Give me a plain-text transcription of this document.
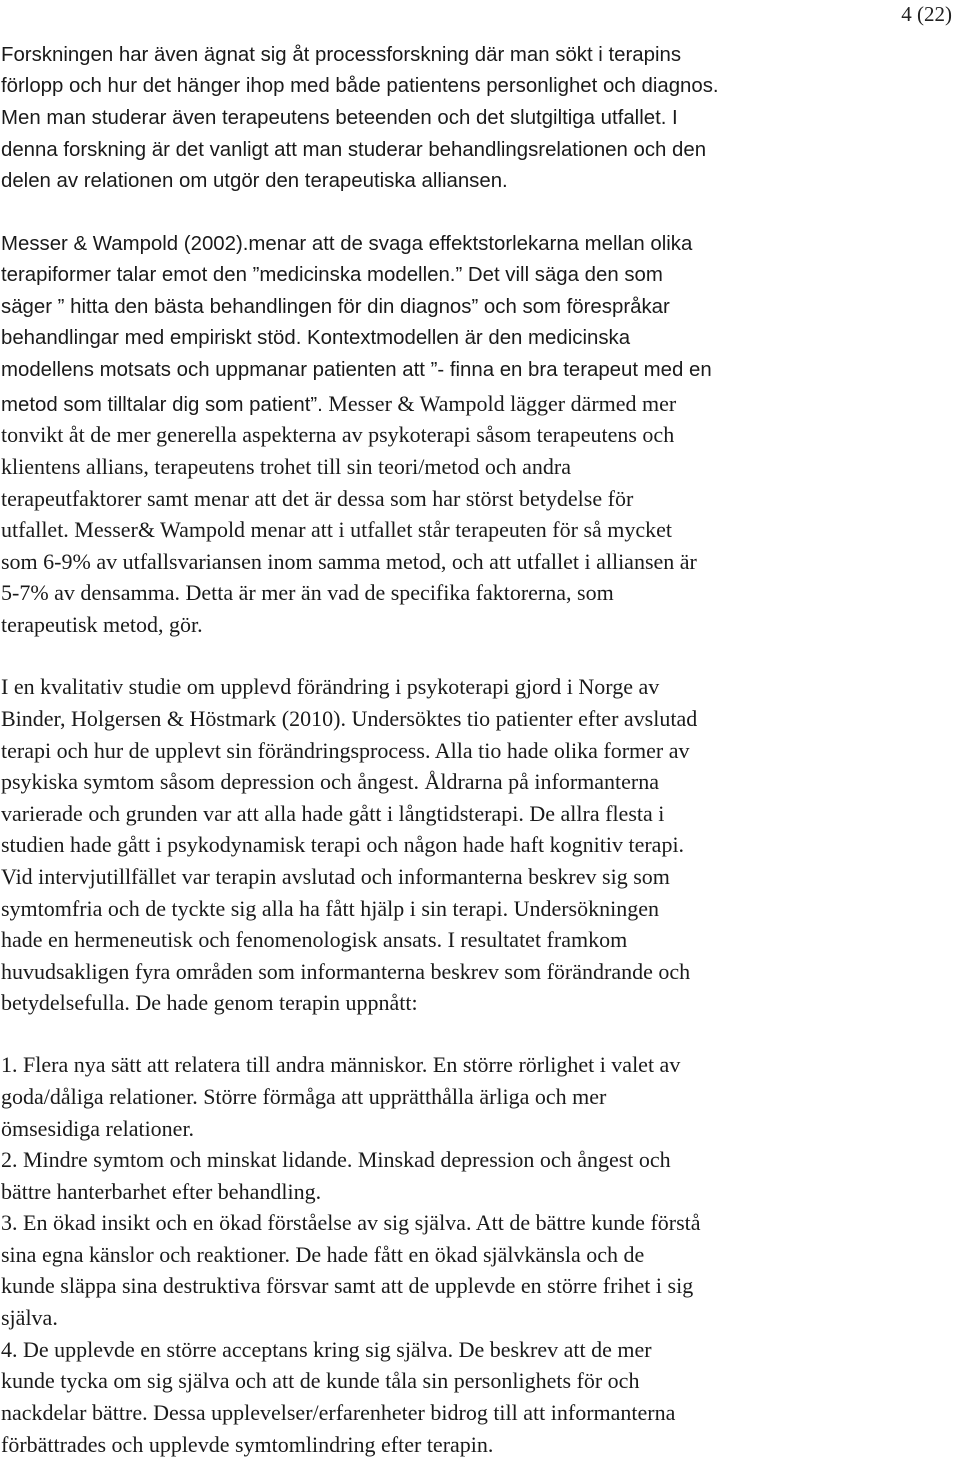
4 (22)
Forskningen har även ägnat sig åt processforskning där man sökt i terapins
förlopp och hur det hänger ihop med både patientens personlighet och diagnos.
Men man studerar även terapeutens beteenden och det slutgiltiga utfallet. I
denna forskning är det vanligt att man studerar behandlingsrelationen och den
delen av relationen om utgör den terapeutiska alliansen.
Messer & Wampold (2002).menar att de svaga effektstorlekarna mellan olika
terapiformer talar emot den ”medicinska modellen.” Det vill säga den som
säger ” hitta den bästa behandlingen för din diagnos” och som förespråkar
behandlingar med empiriskt stöd. Kontextmodellen är den medicinska
modellens motsats och uppmanar patienten att ”- finna en bra terapeut med en
metod som tilltalar dig som patient”. Messer & Wampold lägger därmed mer
tonvikt åt de mer generella aspekterna av psykoterapi såsom terapeutens och
klientens allians, terapeutens trohet till sin teori/metod och andra
terapeutfaktorer samt menar att det är dessa som har störst betydelse för
utfallet. Messer& Wampold menar att i utfallet står terapeuten för så mycket
som 6-9% av utfallsvariansen inom samma metod, och att utfallet i alliansen är
5-7% av densamma. Detta är mer än vad de specifika faktorerna, som
terapeutisk metod, gör.
I en kvalitativ studie om upplevd förändring i psykoterapi gjord i Norge av
Binder, Holgersen & Höstmark (2010). Undersöktes tio patienter efter avslutad
terapi och hur de upplevt sin förändringsprocess. Alla tio hade olika former av
psykiska symtom såsom depression och ångest. Åldrarna på informanterna
varierade och grunden var att alla hade gått i långtidsterapi. De allra flesta i
studien hade gått i psykodynamisk terapi och någon hade haft kognitiv terapi.
Vid intervjutillfället var terapin avslutad och informanterna beskrev sig som
symtomfria och de tyckte sig alla ha fått hjälp i sin terapi. Undersökningen
hade en hermeneutisk och fenomenologisk ansats. I resultatet framkom
huvudsakligen fyra områden som informanterna beskrev som förändrande och
betydelsefulla. De hade genom terapin uppnått:
1. Flera nya sätt att relatera till andra människor. En större rörlighet i valet av
goda/dåliga relationer. Större förmåga att upprätthålla ärliga och mer
ömsesidiga relationer.
2. Mindre symtom och minskat lidande. Minskad depression och ångest och
bättre hanterbarhet efter behandling.
3. En ökad insikt och en ökad förståelse av sig själva. Att de bättre kunde förstå
sina egna känslor och reaktioner. De hade fått en ökad självkänsla och de
kunde släppa sina destruktiva försvar samt att de upplevde en större frihet i sig
själva.
4. De upplevde en större acceptans kring sig själva. De beskrev att de mer
kunde tycka om sig själva och att de kunde tåla sin personlighets för och
nackdelar bättre. Dessa upplevelser/erfarenheter bidrog till att informanterna
förbättrades och upplevde symtomlindring efter terapin.
